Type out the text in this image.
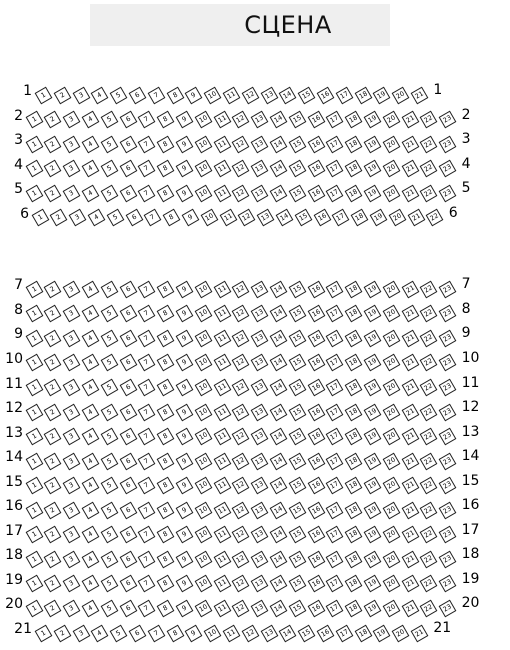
СЦЕНА
1	1	2	3	4	5	6	7	8	9	10	11	12	13	14	15	16	17	18	19	20	21 1
2	1	2	3	4	5	6	7	8	9	10	11	12	13	14	15	16	17	18	19	20	21	22	23 2
3	1	2	3	4	5	6	7	8	9	10	11	12	13	14	15	16	17	18	19	20	21	22	23 3
4	1	2	3	4	5	6	7	8	9	10	11	12	13	14	15	16	17	18	19	20	21	22	23 4
5	1	2	3	4	5	6	7	8	9	10	11	12	13	14	15	16	17	18	19	20	21	22	23 5
6	1	2	3	4	5	6	7	8	9	10	11	12	13	14	15	16	17	18	19	20	21	22 6
7	1	2	3	4	5	6	7	8	9	10	11	12	13	14	15	16	17	18	19	20	21	22	23 7
8	1	2	3	4	5	6	7	8	9	10	11	12	13	14	15	16	17	18	19	20	21	22	23 8
9	1	2	3	4	5	6	7	8	9	10	11	12	13	14	15	16	17	18	19	20	21	22	23 9
10	1	2	3	4	5	6	7	8	9	10	11	12	13	14	15	16	17	18	19	20	21	22	23 10
11	1	2	3	4	5	6	7	8	9	10	11	12	13	14	15	16	17	18	19	20	21	22	23 11
12	1	2	3	4	5	6	7	8	9	10	11	12	13	14	15	16	17	18	19	20	21	22	23 12
13	1	2	3	4	5	6	7	8	9	10	11	12	13	14	15	16	17	18	19	20	21	22	23 13
14	1	2	3	4	5	6	7	8	9	10	11	12	13	14	15	16	17	18	19	20	21	22	23 14
15	1	2	3	4	5	6	7	8	9	10	11	12	13	14	15	16	17	18	19	20	21	22	23 15
16	1	2	3	4	5	6	7	8	9	10	11	12	13	14	15	16	17	18	19	20	21	22	23 16
17	1	2	3	4	5	6	7	8	9	10	11	12	13	14	15	16	17	18	19	20	21	22	23 17
18	1	2	3	4	5	6	7	8	9	10	11	12	13	14	15	16	17	18	19	20	21	22	23 18
19	1	2	3	4	5	6	7	8	9	10	11	12	13	14	15	16	17	18	19	20	21	22	23 19
20	1	2	3	4	5	6	7	8	9	10	11	12	13	14	15	16	17	18	19	20	21	22	23 20
21	1	2	3	4	5	6	7	8	9	10	11	12	13	14	15	16	17	18	19	20	21 21
